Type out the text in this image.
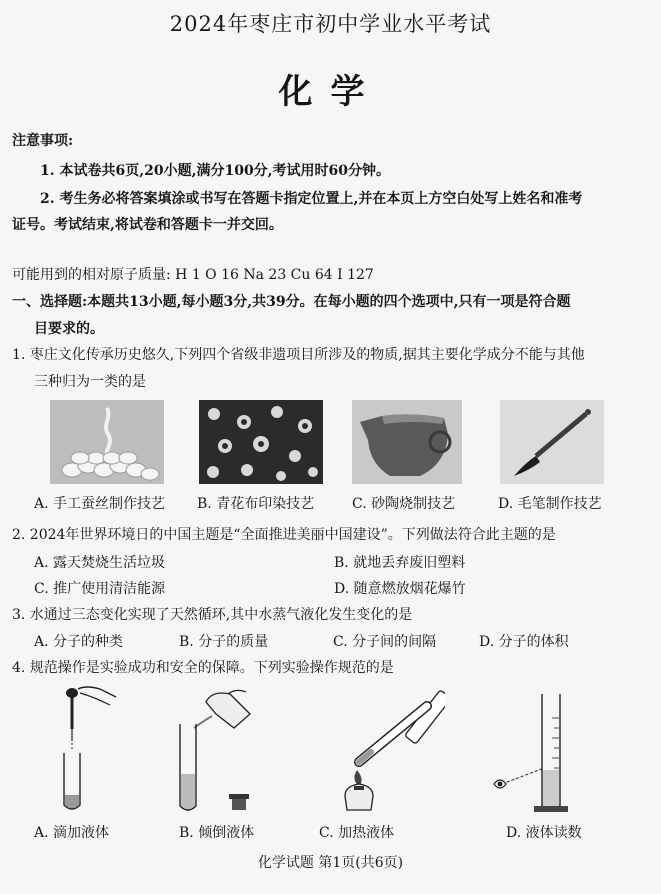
2024年枣庄市初中学业水平考试
化学
注意事项:
1. 本试卷共6页,20小题,满分100分,考试用时60分钟。
2. 考生务必将答案填涂或书写在答题卡指定位置上,并在本页上方空白处写上姓名和准考
证号。考试结束,将试卷和答题卡一并交回。
可能用到的相对原子质量: H 1 O 16 Na 23 Cu 64 I 127
一、选择题:本题共13小题,每小题3分,共39分。在每小题的四个选项中,只有一项是符合题
目要求的。
1. 枣庄文化传承历史悠久,下列四个省级非遗项目所涉及的物质,据其主要化学成分不能与其他
三种归为一类的是
A. 手工蚕丝制作技艺 B. 青花布印染技艺	C. 砂陶烧制技艺	D. 毛笔制作技艺
2. 2024年世界环境日的中国主题是“全面推进美丽中国建设”。下列做法符合此主题的是
A. 露天焚烧生活垃圾	B. 就地丢弃废旧塑料
C. 推广使用清洁能源	D. 随意燃放烟花爆竹
3. 水通过三态变化实现了天然循环,其中水蒸气液化发生变化的是
A. 分子的种类	B. 分子的质量	C. 分子间的间隔	D. 分子的体积
4. 规范操作是实验成功和安全的保障。下列实验操作规范的是
A. 滴加液体	B. 倾倒液体	C. 加热液体	D. 液体读数
化学试题 第1页(共6页)
